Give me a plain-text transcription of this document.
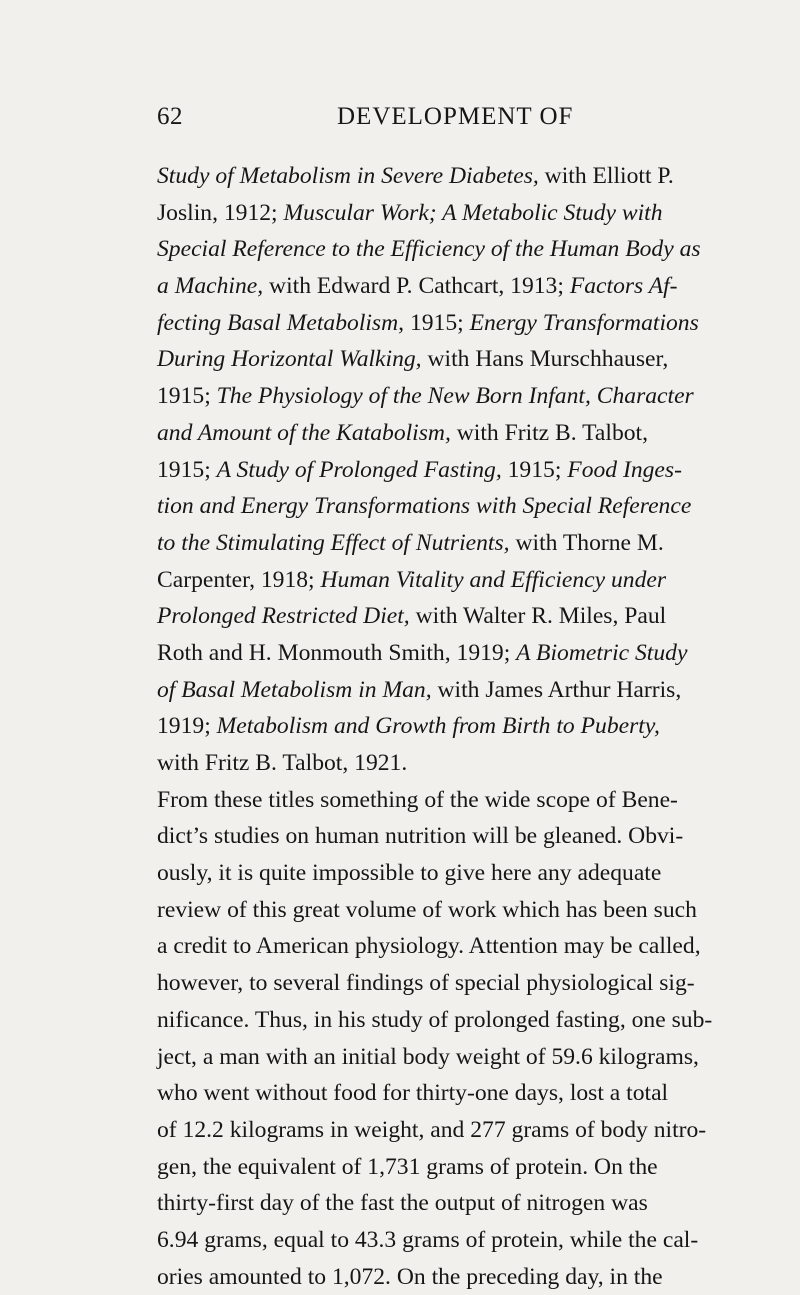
62	DEVELOPMENT OF
Study of Metabolism in Severe Diabetes, with Elliott P.
Joslin, 1912; Muscular Work; A Metabolic Study with
Special Reference to the Efficiency of the Human Body as
a Machine, with Edward P. Cathcart, 1913; Factors Af-
fecting Basal Metabolism, 1915; Energy Transformations
During Horizontal Walking, with Hans Murschhauser,
1915; The Physiology of the New Born Infant, Character
and Amount of the Katabolism, with Fritz B. Talbot,
1915; A Study of Prolonged Fasting, 1915; Food Inges-
tion and Energy Transformations with Special Reference
to the Stimulating Effect of Nutrients, with Thorne M.
Carpenter, 1918; Human Vitality and Efficiency under
Prolonged Restricted Diet, with Walter R. Miles, Paul
Roth and H. Monmouth Smith, 1919; A Biometric Study
of Basal Metabolism in Man, with James Arthur Harris,
1919; Metabolism and Growth from Birth to Puberty,
with Fritz B. Talbot, 1921.
From these titles something of the wide scope of Bene-
dict’s studies on human nutrition will be gleaned. Obvi-
ously, it is quite impossible to give here any adequate
review of this great volume of work which has been such
a credit to American physiology. Attention may be called,
however, to several findings of special physiological sig-
nificance. Thus, in his study of prolonged fasting, one sub-
ject, a man with an initial body weight of 59.6 kilograms,
who went without food for thirty-one days, lost a total
of 12.2 kilograms in weight, and 277 grams of body nitro-
gen, the equivalent of 1,731 grams of protein. On the
thirty-first day of the fast the output of nitrogen was
6.94 grams, equal to 43.3 grams of protein, while the cal-
ories amounted to 1,072. On the preceding day, in the
